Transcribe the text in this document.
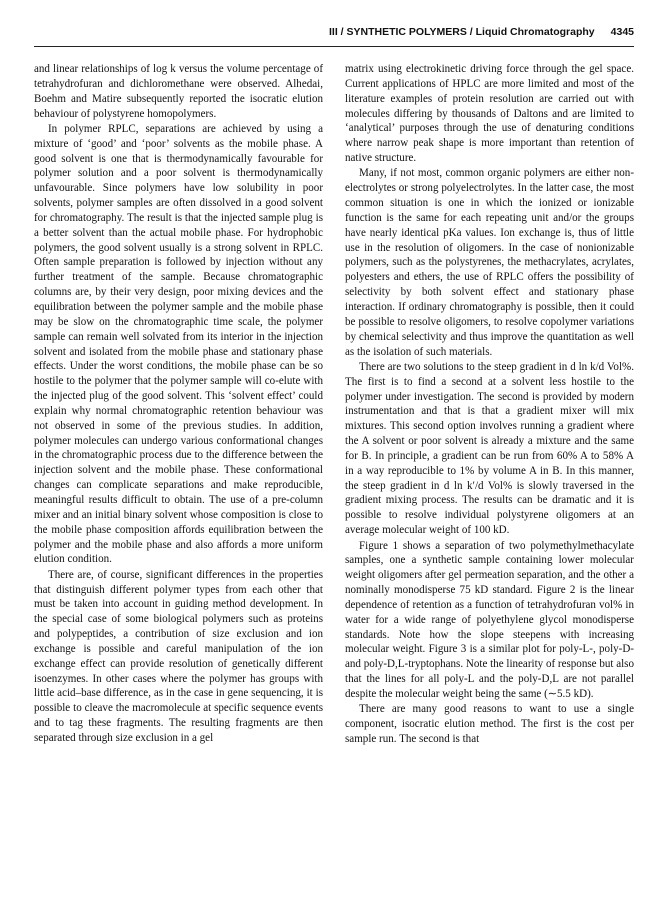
III / SYNTHETIC POLYMERS / Liquid Chromatography 4345

and linear relationships of log k versus the volume percentage of tetrahydrofuran and dichloromethane were observed. Alhedai, Boehm and Matire subsequently reported the isocratic elution behaviour of polystyrene homopolymers.

In polymer RPLC, separations are achieved by using a mixture of ‘good’ and ‘poor’ solvents as the mobile phase. A good solvent is one that is thermodynamically favourable for polymer solution and a poor solvent is thermodynamically unfavourable. Since polymers have low solubility in poor solvents, polymer samples are often dissolved in a good solvent for chromatography. The result is that the injected sample plug is a better solvent than the actual mobile phase. For hydrophobic polymers, the good solvent usually is a strong solvent in RPLC. Often sample preparation is followed by injection without any further treatment of the sample. Because chromatographic columns are, by their very design, poor mixing devices and the equilibration between the polymer sample and the mobile phase may be slow on the chromatographic time scale, the polymer sample can remain well solvated from its interior in the injection solvent and isolated from the mobile phase and stationary phase effects. Under the worst conditions, the mobile phase can be so hostile to the polymer that the polymer sample will co-elute with the injected plug of the good solvent. This ‘solvent effect’ could explain why normal chromatographic retention behaviour was not observed in some of the previous studies. In addition, polymer molecules can undergo various conformational changes in the chromatographic process due to the difference between the injection solvent and the mobile phase. These conformational changes can complicate separations and make reproducible, meaningful results difficult to obtain. The use of a pre-column mixer and an initial binary solvent whose composition is close to the mobile phase composition affords equilibration between the polymer and the mobile phase and also affords a more uniform elution condition.

There are, of course, significant differences in the properties that distinguish different polymer types from each other that must be taken into account in guiding method development. In the special case of some biological polymers such as proteins and polypeptides, a contribution of size exclusion and ion exchange is possible and careful manipulation of the ion exchange effect can provide resolution of genetically different isoenzymes. In other cases where the polymer has groups with little acid–base difference, as in the case in gene sequencing, it is possible to cleave the macromolecule at specific sequence events and to tag these fragments. The resulting fragments are then separated through size exclusion in a gel

matrix using electrokinetic driving force through the gel space. Current applications of HPLC are more limited and most of the literature examples of protein resolution are carried out with molecules differing by thousands of Daltons and are limited to ‘analytical’ purposes through the use of denaturing conditions where narrow peak shape is more important than retention of native structure.

Many, if not most, common organic polymers are either non-electrolytes or strong polyelectrolytes. In the latter case, the most common situation is one in which the ionized or ionizable function is the same for each repeating unit and/or the groups have nearly identical pKa values. Ion exchange is, thus of little use in the resolution of oligomers. In the case of nonionizable polymers, such as the polystyrenes, the methacrylates, acrylates, polyesters and ethers, the use of RPLC offers the possibility of selectivity by both solvent effect and stationary phase interaction. If ordinary chromatography is possible, then it could be possible to resolve oligomers, to resolve copolymer variations by chemical selectivity and thus improve the quantitation as well as the isolation of such materials.

There are two solutions to the steep gradient in d ln k/d Vol%. The first is to find a second at a solvent less hostile to the polymer under investigation. The second is provided by modern instrumentation and that is that a gradient mixer will mix mixtures. This second option involves running a gradient where the A solvent or poor solvent is already a mixture and the same for B. In principle, a gradient can be run from 60% A to 58% A in a way reproducible to 1% by volume A in B. In this manner, the steep gradient in d ln k′/d Vol% is slowly traversed in the gradient mixing process. The results can be dramatic and it is possible to resolve individual polystyrene oligomers at an average molecular weight of 100 kD.

Figure 1 shows a separation of two polymethylmethacylate samples, one a synthetic sample containing lower molecular weight oligomers after gel permeation separation, and the other a nominally monodisperse 75 kD standard. Figure 2 is the linear dependence of retention as a function of tetrahydrofuran vol% in water for a wide range of polyethylene glycol monodisperse standards. Note how the slope steepens with increasing molecular weight. Figure 3 is a similar plot for poly-L-, poly-D- and poly-D,L-tryptophans. Note the linearity of response but also that the lines for all poly-L and the poly-D,L are not parallel despite the molecular weight being the same (∼5.5 kD).

There are many good reasons to want to use a single component, isocratic elution method. The first is the cost per sample run. The second is that
